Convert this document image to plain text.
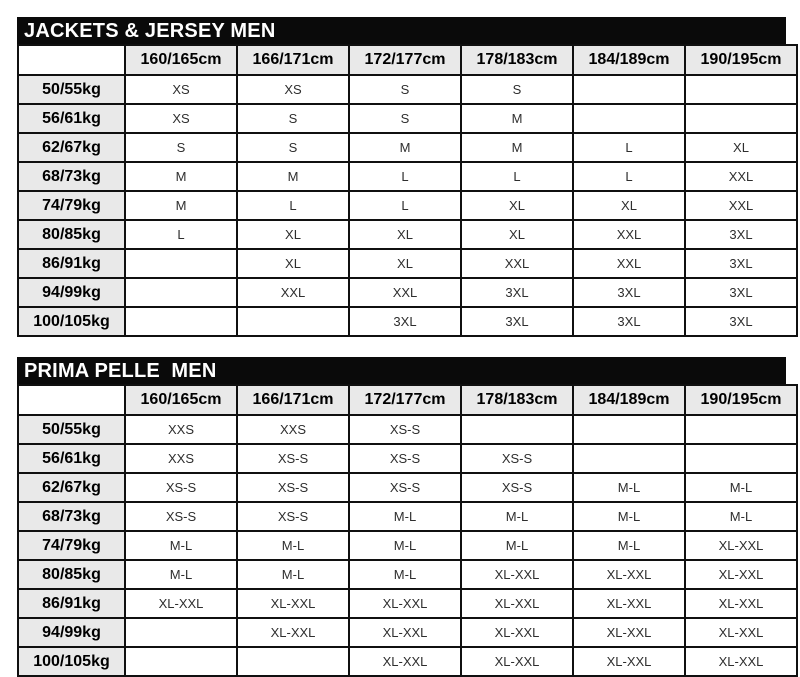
JACKETS & JERSEY MEN
	160/165cm	166/171cm	172/177cm	178/183cm	184/189cm	190/195cm
50/55kg	XS	XS	S	S		
56/61kg	XS	S	S	M		
62/67kg	S	S	M	M	L	XL
68/73kg	M	M	L	L	L	XXL
74/79kg	M	L	L	XL	XL	XXL
80/85kg	L	XL	XL	XL	XXL	3XL
86/91kg		XL	XL	XXL	XXL	3XL
94/99kg		XXL	XXL	3XL	3XL	3XL
100/105kg			3XL	3XL	3XL	3XL
PRIMA PELLE  MEN
	160/165cm	166/171cm	172/177cm	178/183cm	184/189cm	190/195cm
50/55kg	XXS	XXS	XS-S			
56/61kg	XXS	XS-S	XS-S	XS-S		
62/67kg	XS-S	XS-S	XS-S	XS-S	M-L	M-L
68/73kg	XS-S	XS-S	M-L	M-L	M-L	M-L
74/79kg	M-L	M-L	M-L	M-L	M-L	XL-XXL
80/85kg	M-L	M-L	M-L	XL-XXL	XL-XXL	XL-XXL
86/91kg	XL-XXL	XL-XXL	XL-XXL	XL-XXL	XL-XXL	XL-XXL
94/99kg		XL-XXL	XL-XXL	XL-XXL	XL-XXL	XL-XXL
100/105kg			XL-XXL	XL-XXL	XL-XXL	XL-XXL
